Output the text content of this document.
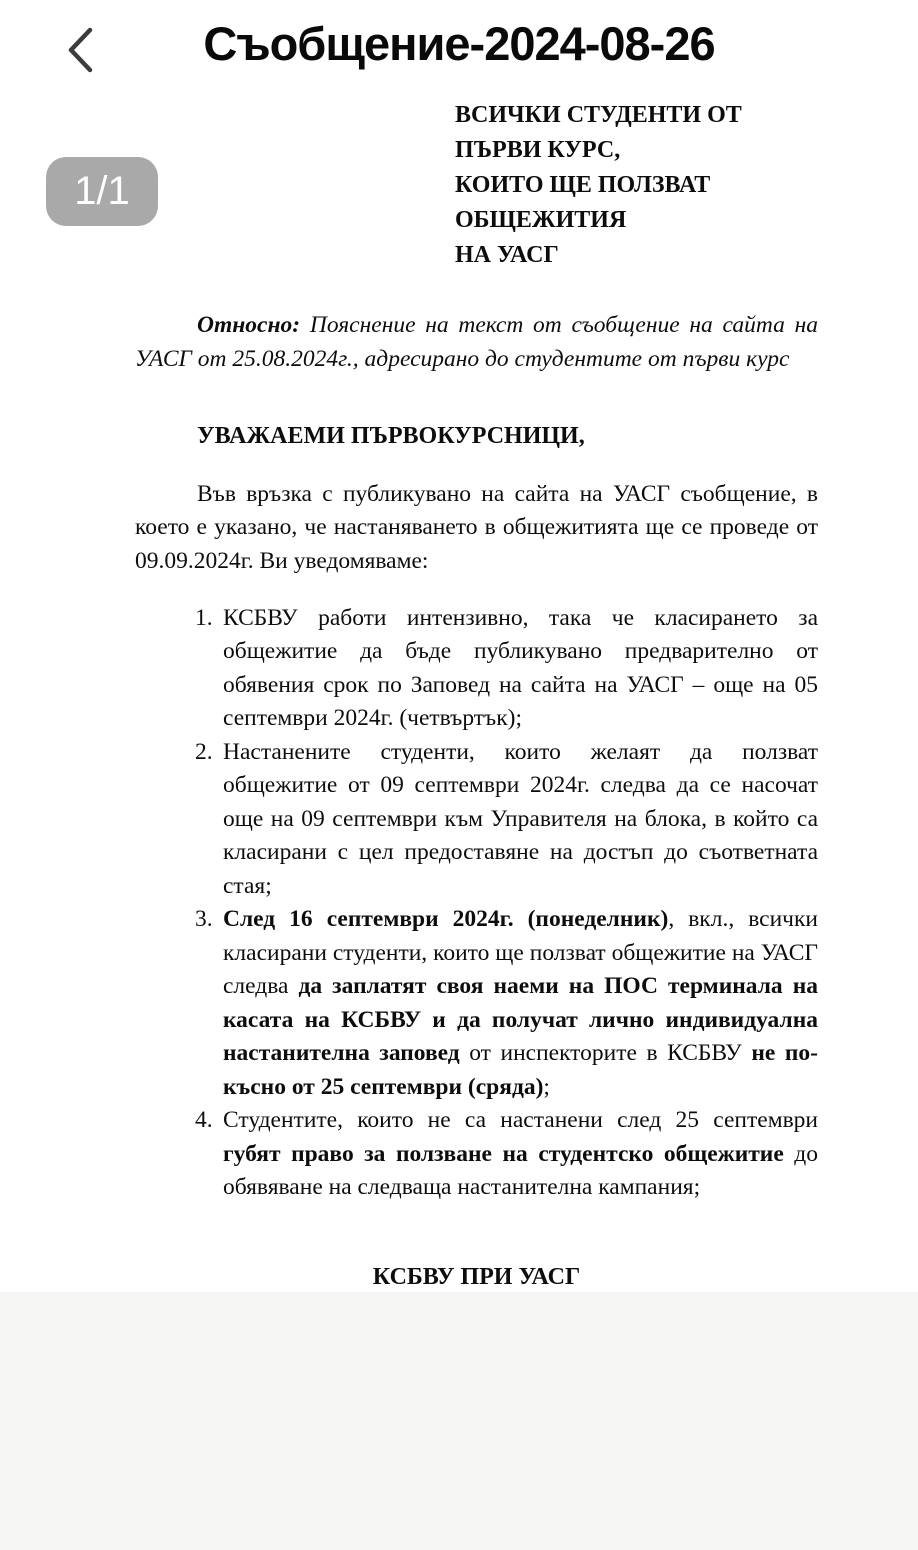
Съобщение-2024-08-26
1/1
ВСИЧКИ СТУДЕНТИ ОТ ПЪРВИ КУРС,
КОИТО ЩЕ ПОЛЗВАТ ОБЩЕЖИТИЯ
НА УАСГ

Относно: Пояснение на текст от съобщение на сайта на УАСГ от 25.08.2024г., адресирано до студентите от първи курс

УВАЖАЕМИ ПЪРВОКУРСНИЦИ,

Във връзка с публикувано на сайта на УАСГ съобщение, в което е указано, че настаняването в общежитията ще се проведе от 09.09.2024г. Ви уведомяваме:

1. КСБВУ работи интензивно, така че класирането за общежитие да бъде публикувано предварително от обявения срок по Заповед на сайта на УАСГ – още на 05 септември 2024г. (четвъртък);
2. Настанените студенти, които желаят да ползват общежитие от 09 септември 2024г. следва да се насочат още на 09 септември към Управителя на блока, в който са класирани с цел предоставяне на достъп до съответната стая;
3. След 16 септември 2024г. (понеделник), вкл., всички класирани студенти, които ще ползват общежитие на УАСГ следва да заплатят своя наеми на ПОС терминала на касата на КСБВУ и да получат лично индивидуална настанителна заповед от инспекторите в КСБВУ не по-късно от 25 септември (сряда);
4. Студентите, които не са настанени след 25 септември губят право за ползване на студентско общежитие до обявяване на следваща настанителна кампания;
КСБВУ ПРИ УАСГ
